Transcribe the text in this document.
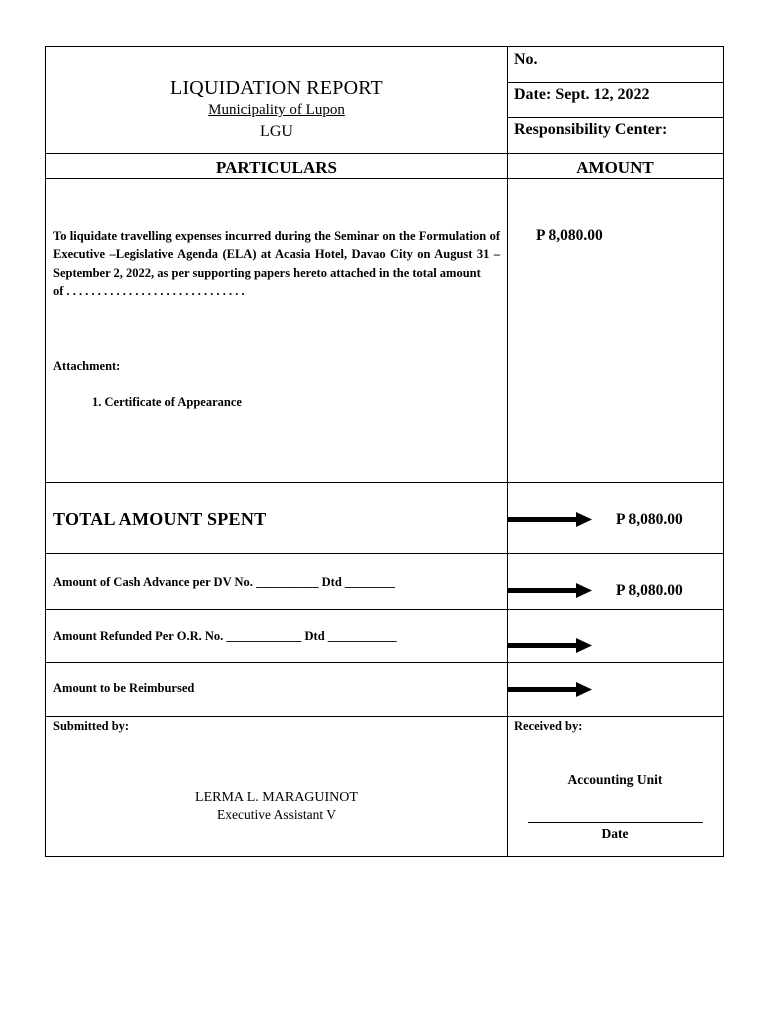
LIQUIDATION REPORT
Municipality of Lupon
LGU
No.
Date: Sept. 12, 2022
Responsibility Center:
PARTICULARS	AMOUNT
To liquidate travelling expenses incurred during the Seminar on the Formulation of Executive –Legislative Agenda (ELA) at Acasia Hotel, Davao City on August 31 – September 2, 2022, as per supporting papers hereto attached in the total amount
of . . . . . . . . . . . . . . . . . . . . . . . . . . . . .
P 8,080.00
Attachment:
1. Certificate of Appearance
TOTAL AMOUNT SPENT	P 8,080.00
Amount of Cash Advance per DV No. __________ Dtd ________	P 8,080.00
Amount Refunded Per O.R. No. ____________ Dtd ___________
Amount to be Reimbursed
Submitted by:
LERMA L. MARAGUINOT
Executive Assistant V
Received by:
Accounting Unit
Date
